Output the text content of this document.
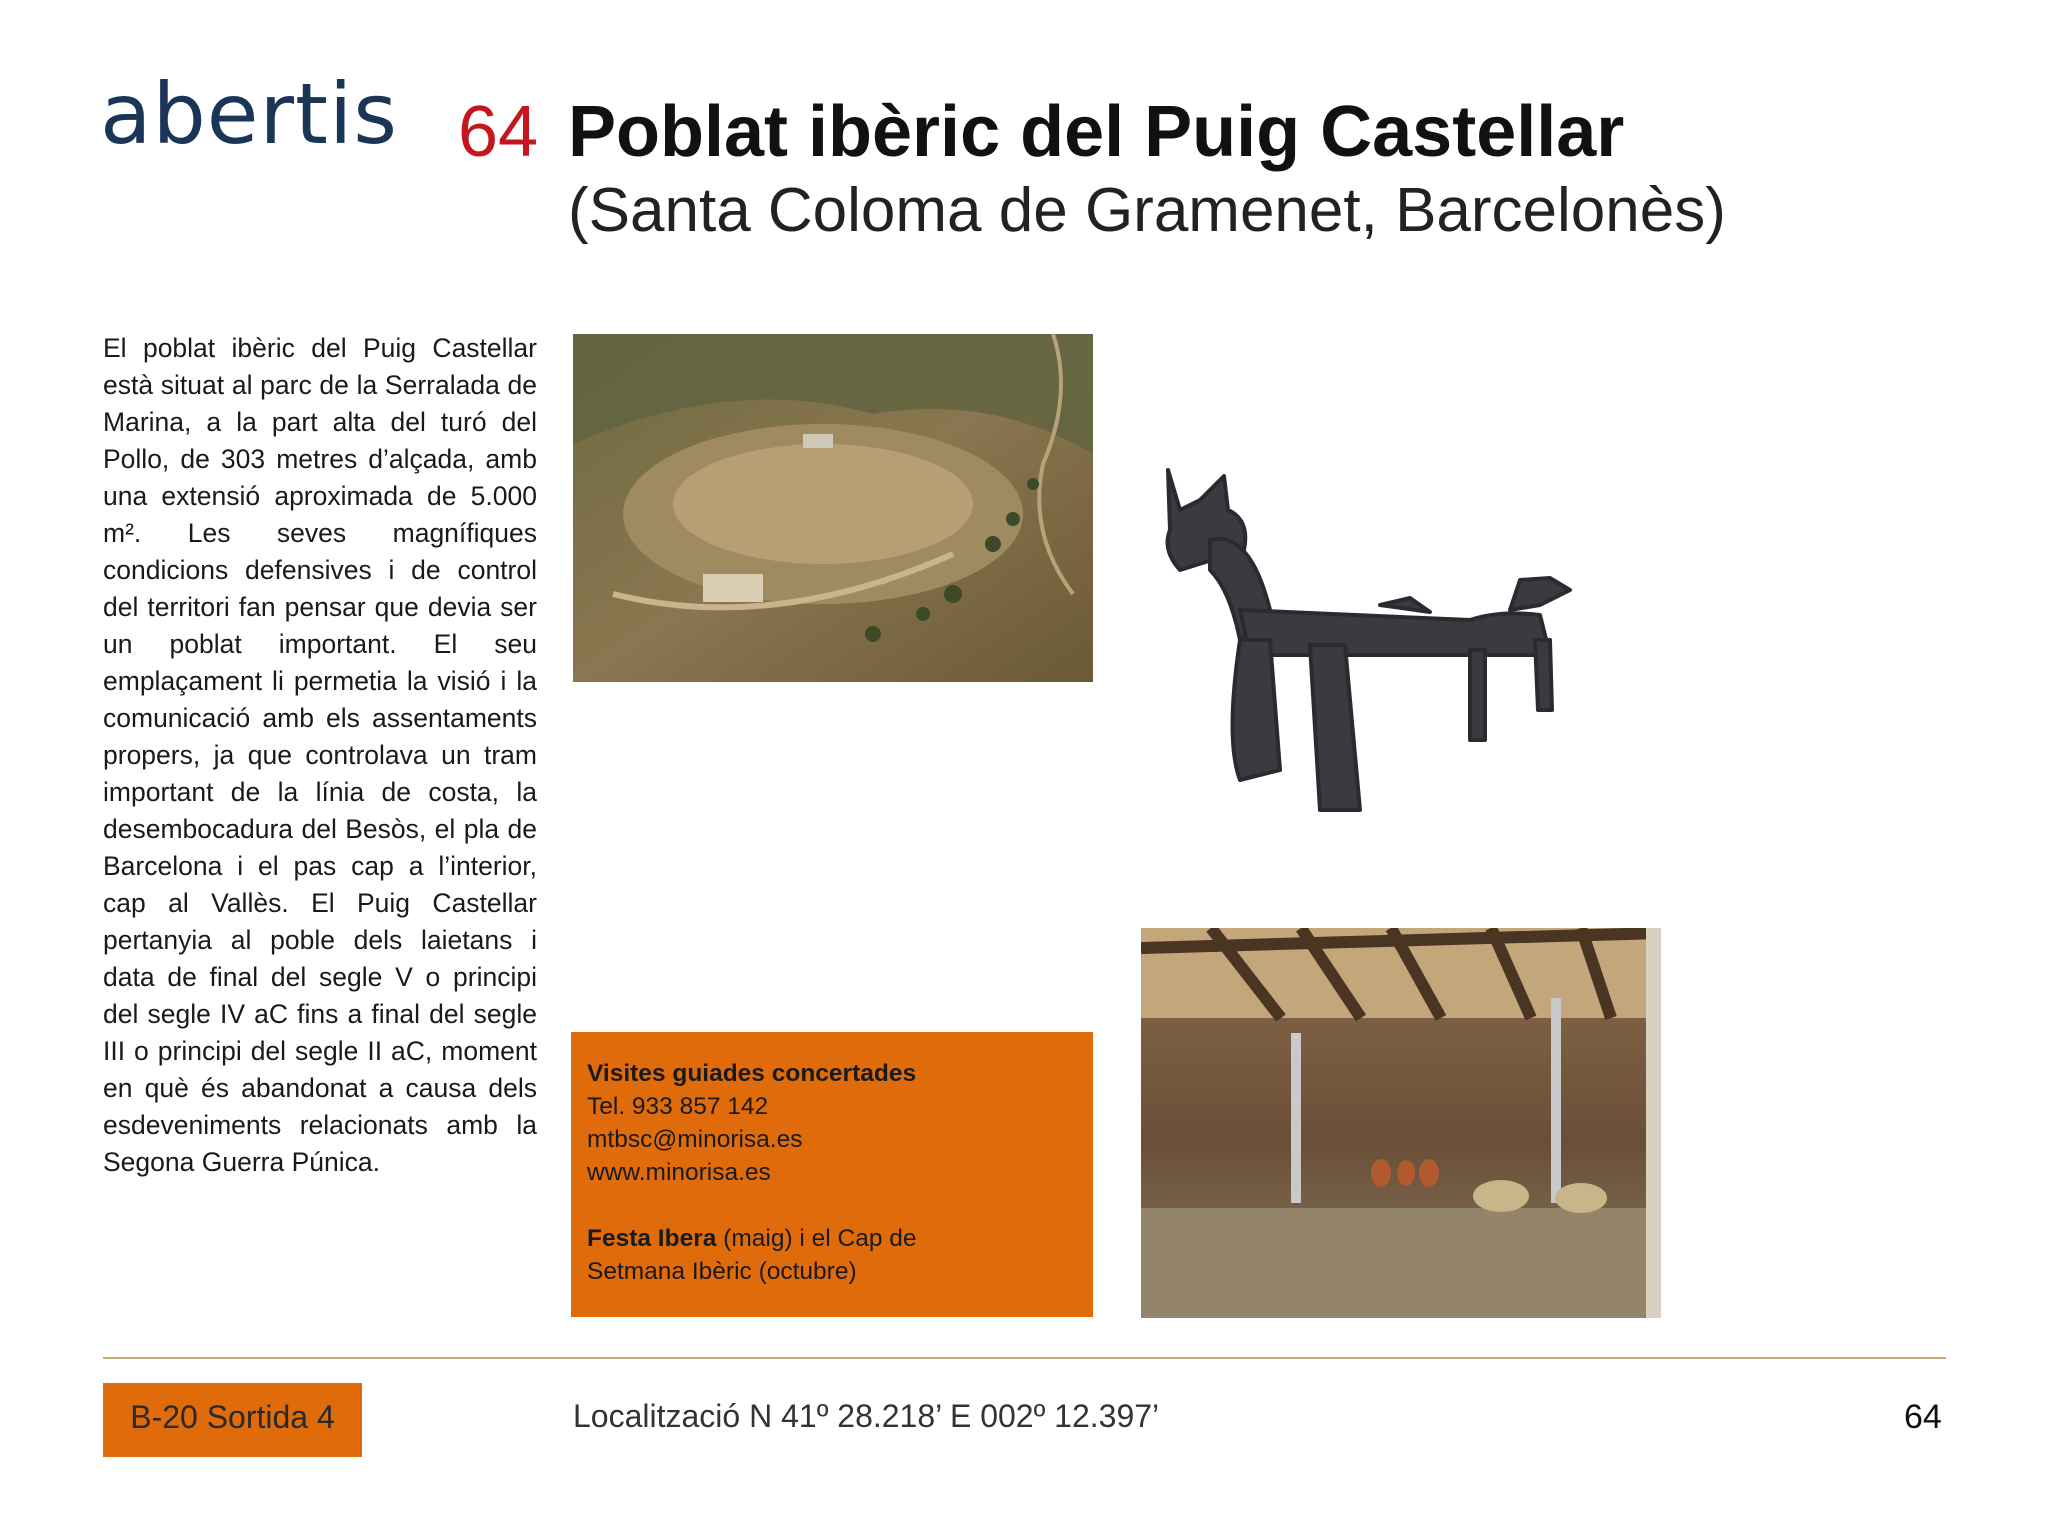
abertis 64 Poblat ibèric del Puig Castellar
(Santa Coloma de Gramenet, Barcelonès)
El poblat ibèric del Puig Castellar està situat al parc de la Serralada de Marina, a la part alta del turó del Pollo, de 303 metres d’alçada, amb una extensió aproximada de 5.000 m². Les seves magnífiques condicions defensives i de control del territori fan pensar que devia ser un poblat important. El seu emplaçament li permetia la visió i la comunicació amb els assentaments propers, ja que controlava un tram important de la línia de costa, la desembocadura del Besòs, el pla de Barcelona i el pas cap a l’interior, cap al Vallès. El Puig Castellar pertanyia al poble dels laietans i data de final del segle V o principi del segle IV aC fins a final del segle III o principi del segle II aC, moment en què és abandonat a causa dels esdeveniments relacionats amb la Segona Guerra Púnica.
Visites guiades concertades
Tel. 933 857 142
mtbsc@minorisa.es
www.minorisa.es
Festa Ibera (maig) i el Cap de
Setmana Ibèric (octubre)
B-20 Sortida 4	Localització N 41º 28.218’ E 002º 12.397’	64
